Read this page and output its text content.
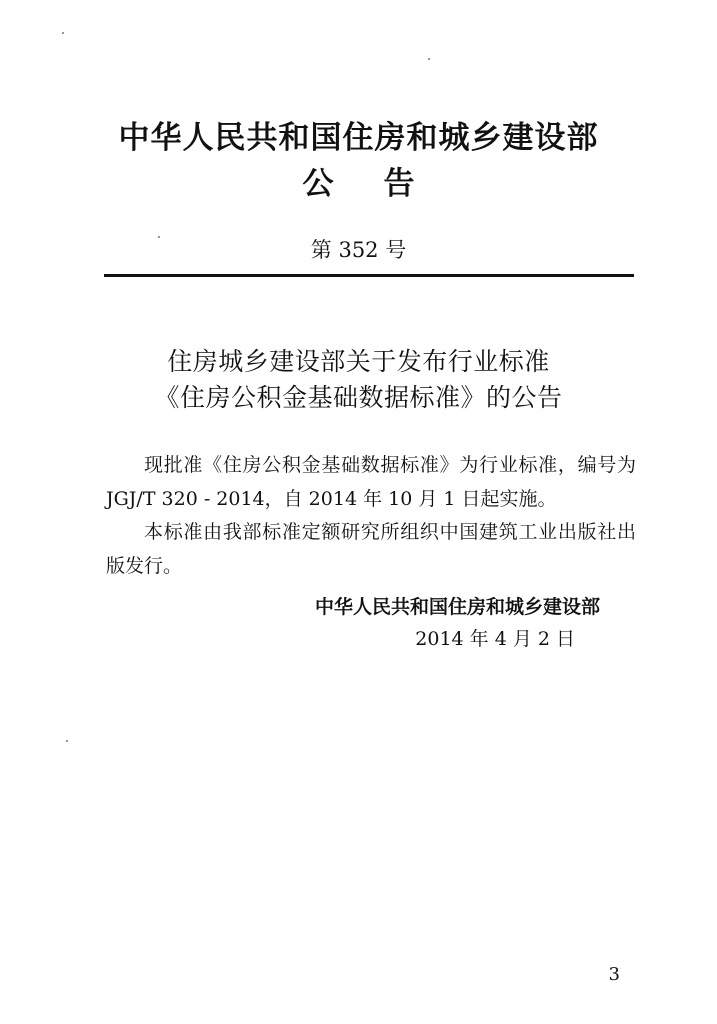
中华人民共和国住房和城乡建设部
公告
第 352 号
住房城乡建设部关于发布行业标准
《住房公积金基础数据标准》的公告
现批准《住房公积金基础数据标准》为行业标准，编号为 JGJ/T 320 - 2014，自 2014 年 10 月 1 日起实施。
本标准由我部标准定额研究所组织中国建筑工业出版社出版发行。
中华人民共和国住房和城乡建设部
2014 年 4 月 2 日
3
